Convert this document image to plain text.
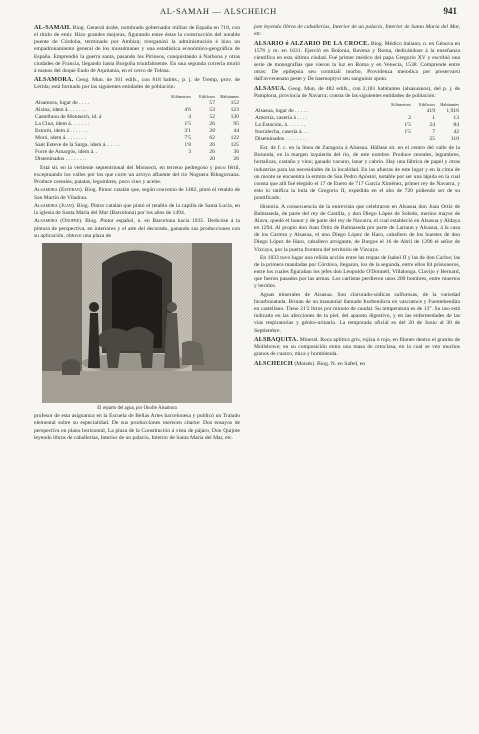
AL-SAMAH — ALSCHEICH	941

AL-SAMAH. Biog. General árabe, nombrado gobernador militar de España en 718, con el título de emir. Hizo grandes mejoras, figurando entre éstas la construcción del notable puente de Córdoba, terminado por Ambiza; reorganizó la administración é hizo un empadronamiento general de los musulmanes y una estadística económico-geográfica de España. Emprendió la guerra santa, pasando los Pirineos, conquistando á Narbona y otras ciudades de Francia, llegando hasta Borgoña triunfalmente. En una segunda correría murió á manos del duque Eudo de Aquitania, en el cerco de Tolosa.

ALSAMORA. Geog. Mun. de 361 edifs., con 818 habits., p. j. de Tremp, prov. de Lérida; está formado por las siguientes entidades de población:

	Kilómetros	Edificios	Habitantes
Alsamora, lugar de . . . .		57	152
Alsina, idem á. . . . . . .	4'6	53	123
Castellnou de Montsech, id. á	4	52	130
La Clua, idem á. . . . . . .	1'5	26	95
Estorm, idem á . . . . . . .	3'1	28	44
Moró, idem á. . . . . . . .	7'5	62	122
Sant Esteve de la Sarga, idem á. . . . . .	1'8	26	125
Forre de Amargós, idem á. .	3	26	36
Diseminados . . . . . . . .		20	26

Está sit. en la vertiente septentrional del Monsech, en terreno pedregoso y poco fértil, exceptuando los valles por los que corre un arroyo afluente del río Noguera Ribagorzana. Produce cereales, patatas, legumbres, poco vino y aceite.

Alsamora (Esteban). Biog. Pintor catalán que, según convenio de 1482, pintó el retablo de San Martín de Viladrau.

Alsamora (Juan). Biog. Pintor catalán que pintó el retablo de la capilla de Santa Lucía, en la iglesia de Santa María del Mar (Barcelona) por los años de 1494.

Alsamora (Onofre). Biog. Pintor español, n. en Barcelona hacia 1835. Dedicóse á la pintura de perspectiva, en interiores y el arte del decorado, ganando sus producciones con su aplicación, obtuvo una plaza de

El reparto del agua, por Onofre Alsamora

profesor de esta asignatura en la Escuela de Bellas Artes barcelonesa y publicó un Tratado elemental sobre su especialidad. De sus producciones merecen citarse: Dos ensayos de perspectiva en plano horizontal, La plaza de la Constitución á vista de pájaro, Don Quijote leyendo libros de caballerías, Interior de un palacio, Interior de Santa María del Mar, etc.

jote leyendo libros de caballerías, Interior de un palacio, Interior de Santa María del Mar, etc.

ALSARIO ó ALZARIO DE LA CROCE. Biog. Médico italiano, n. en Génova en 1576 y m. en 1631. Ejerció en Bolonia, Ravena y Roma, dedicándose á la enseñanza científica en esta última ciudad. Fué primer médico del papa Gregorio XV y escribió una serie de monografías que vieron la luz en Roma y en Venecia, 1538. Comprende entre otras: De epilepsia seu comitiali morbo, Providenza metodica per preservarsi dall'avvenenato peste y De haemoptysi seu sanguinis sputo.

ALSASUA. Geog. Mun. de 482 edifs., con 2,181 habitantes (alsasuanos), del p. j. de Pamplona, provincia de Navarra; consta de las siguientes entidades de población:

	Kilómetros	Edificios	Habitantes
Alsasua, lugar de . . . . .		419	1,916
Amortia, casería á . . . .	2	1	13
La Estación, á. . . . . . .	1'5	24	84
Iturralecha, casería á. . .	1'5	7	42
Diseminados . . . . . . . .		25	110

Est. de f. c. en la línea de Zaragoza á Alsasua. Hállase sit. en el centro del valle de la Borunda, en la margen izquierda del río, de este nombre. Produce cereales, legumbres, hortalizas, castaño y vino; ganado vacuno, lanar y cabrío. Hay una fábrica de papel y otras industrias para las necesidades de la localidad. En las afueras de este lugar y en la cima de un monte se encuentra la ermita de San Pedro Apóstol, notable por ser una lápida en la cual consta que allí fué elegido el 17 de Enero de 717 García Ximénez, primer rey de Navarra, y esto lo ratifica la bula de Gregorio II, expedida en el año de 720 pidiendo ser de su pontificado.

Historia. A consecuencia de la entrevista que celebraron en Alsasua don Juan Ortiz de Balmaseda, de parte del rey de Castilla, y don Diego López de Soledo, merino mayor de Alava, quedó el honor y de parte del rey de Navarra, el cual estableció en Alsasua y Aldaya en 1294. Al propio don Juan Ortiz de Balmaseda por parte de Lartaun y Alsasua, á la casa de los Carrera y Alsasua, el uno Diego López de Haro, caballero de los huestes de don Diego López de Haro, caballero arrogante, de Burgos el 16 de Abril de 1296 el señor de Vizcaya, por la puerta frontera del territorio de Vizcaya.

En 1833 tuvo lugar una reñida acción entre las tropas de Isabel II y las de don Carlos; las de la primera mandadas por Córdova, llegaron, los de la segunda, entre ellos 84 prisioneros, entre los cuales figuraban los jefes don Leopoldo O'Donnell, Villalonga, Clavijo y Bernard, que fueron pasados por las armas. Los carlistas perdieron unos 200 hombres, entre muertos y heridos.

Aguas minerales de Alsasua. Son clorurado-sódicas sulfurosas, de la variedad bicarbonatada. Brotan de un manantial llamado Iturbendicta en vascuence y Fuentebendita en castellano. Tiene 21'2 litros por minuto de caudal. Su temperatura es de 13°. Su uso está indicado en las afecciones de la piel, del aparato digestivo, y en las enfermedades de las vías respiratorias y génito-urinario. La temporada oficial es del 20 de Junio al 30 de Septiembre.

ALSBAQUITA. Mineral. Roca aplítica gris, rojiza ó roja, en filones dentro el granito de Mollsbowe; en su composición entra una masa de ortoclasa, en la cual se ven muchos granos de cuarzo, mica y hornblenda.

ALSCHEICH (Moisés). Biog. N. en Safed, en
